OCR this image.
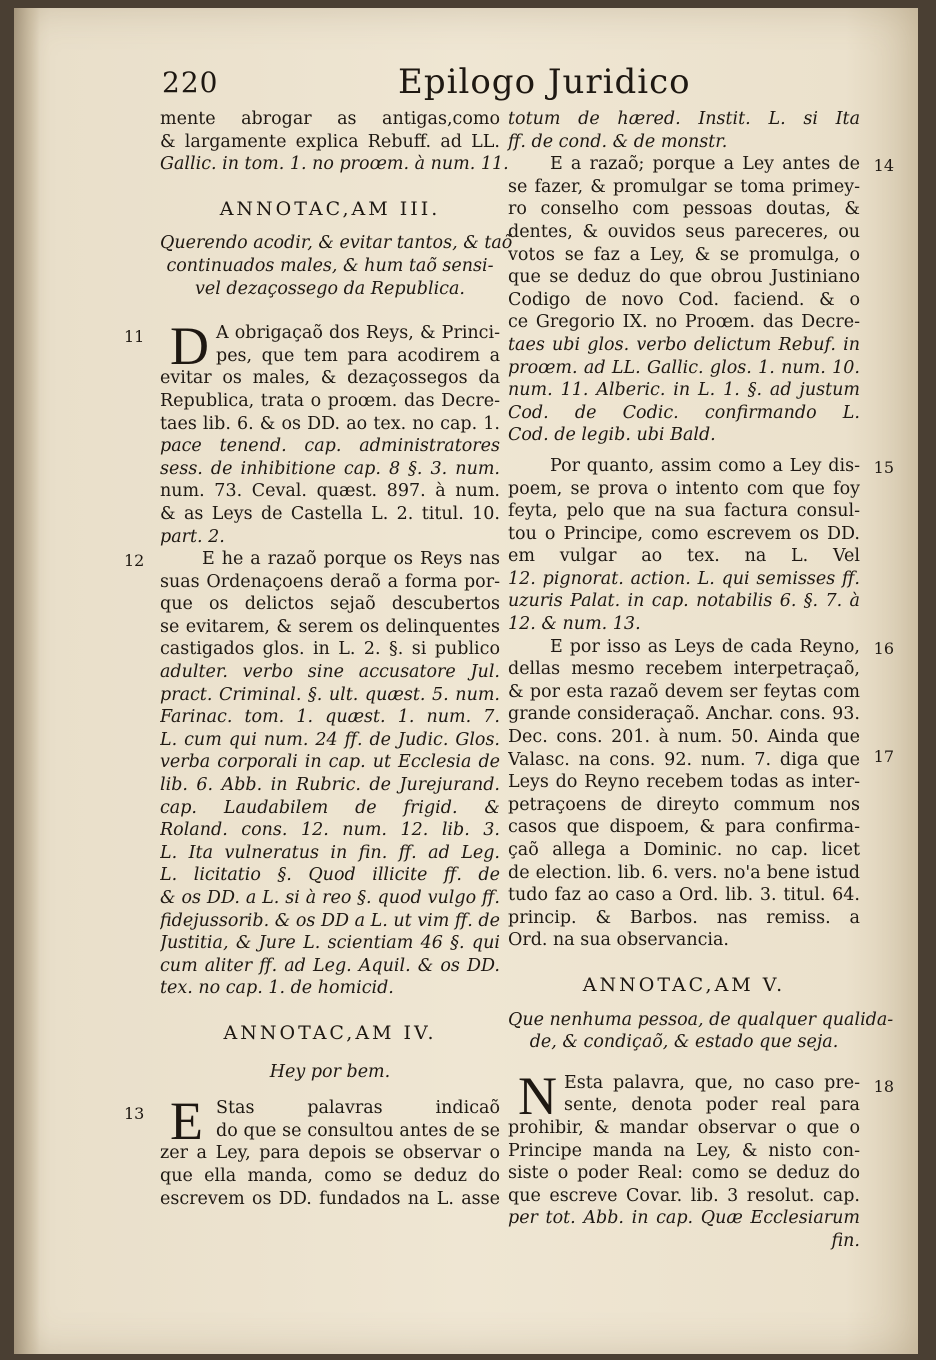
220	Epilogo Juridico
mente abrogar as antigas,como
& largamente explica Rebuff. ad LL.
Gallic. in tom. 1. no proœm. à num. 11.
ANNOTAC,AM III.
Querendo acodir, & evitar tantos, & taõ
continuados males, & hum taõ sensi-
vel dezaçossego da Republica.
11 D A obrigaçaõ dos Reys, & Princi-
pes, que tem para acodirem a
evitar os males, & dezaçossegos da
Republica, trata o proœm. das Decre-
taes lib. 6. & os DD. ao tex. no cap. 1.
pace tenend. cap. administratores
sess. de inhibitione cap. 8 §. 3. num.
num. 73. Ceval. quæst. 897. à num.
& as Leys de Castella L. 2. titul. 10.
part. 2.
12	E he a razaõ porque os Reys nas
suas Ordenaçoens deraõ a forma por-
que os delictos sejaõ descubertos
se evitarem, & serem os delinquentes
castigados glos. in L. 2. §. si publico
adulter. verbo sine accusatore Jul.
pract. Criminal. §. ult. quæst. 5. num.
Farinac. tom. 1. quæst. 1. num. 7.
L. cum qui num. 24 ff. de Judic. Glos.
verba corporali in cap. ut Ecclesia de
lib. 6. Abb. in Rubric. de Jurejurand.
cap. Laudabilem de frigid. &
Roland. cons. 12. num. 12. lib. 3.
L. Ita vulneratus in fin. ff. ad Leg.
L. licitatio §. Quod illicite ff. de
& os DD. a L. si à reo §. quod vulgo ff.
fidejussorib. & os DD a L. ut vim ff. de
Justitia, & Jure L. scientiam 46 §. qui
cum aliter ff. ad Leg. Aquil. & os DD.
tex. no cap. 1. de homicid.
ANNOTAC,AM IV.
Hey por bem.
13 E Stas palavras indicaõ
do que se consultou antes de se
zer a Ley, para depois se observar o
que ella manda, como se deduz do
escrevem os DD. fundados na L. asse
totum de hæred. Instit. L. si Ita
ff. de cond. & de monstr.
14
E a razaõ; porque a Ley antes de
se fazer, & promulgar se toma primey-
ro conselho com pessoas doutas, &
dentes, & ouvidos seus pareceres, ou
votos se faz a Ley, & se promulga, o
que se deduz do que obrou Justiniano
Codigo de novo Cod. faciend. & o
ce Gregorio IX. no Proœm. das Decre-
taes ubi glos. verbo delictum Rebuf. in
proœm. ad LL. Gallic. glos. 1. num. 10.
num. 11. Alberic. in L. 1. §. ad justum
Cod. de Codic. confirmando L.
Cod. de legib. ubi Bald.
15
Por quanto, assim como a Ley dis-
poem, se prova o intento com que foy
feyta, pelo que na sua factura consul-
tou o Principe, como escrevem os DD.
em vulgar ao tex. na L. Vel
12. pignorat. action. L. qui semisses ff.
uzuris Palat. in cap. notabilis 6. §. 7. à
12. & num. 13.
16
17
E por isso as Leys de cada Reyno,
dellas mesmo recebem interpetraçaõ,
& por esta razaõ devem ser feytas com
grande consideraçaõ. Anchar. cons. 93.
Dec. cons. 201. à num. 50. Ainda que
Valasc. na cons. 92. num. 7. diga que
Leys do Reyno recebem todas as inter-
petraçoens de direyto commum nos
casos que dispoem, & para confirma-
çaõ allega a Dominic. no cap. licet
de election. lib. 6. vers. no'a bene istud
tudo faz ao caso a Ord. lib. 3. titul. 64.
princip. & Barbos. nas remiss. a
Ord. na sua observancia.
ANNOTAC,AM V.
Que nenhuma pessoa, de qualquer qualida-
de, & condiçaõ, & estado que seja.
18
N Esta palavra, que, no caso pre-
sente, denota poder real para
prohibir, & mandar observar o que o
Principe manda na Ley, & nisto con-
siste o poder Real: como se deduz do
que escreve Covar. lib. 3 resolut. cap.
per tot. Abb. in cap. Quæ Ecclesiarum
fin.
